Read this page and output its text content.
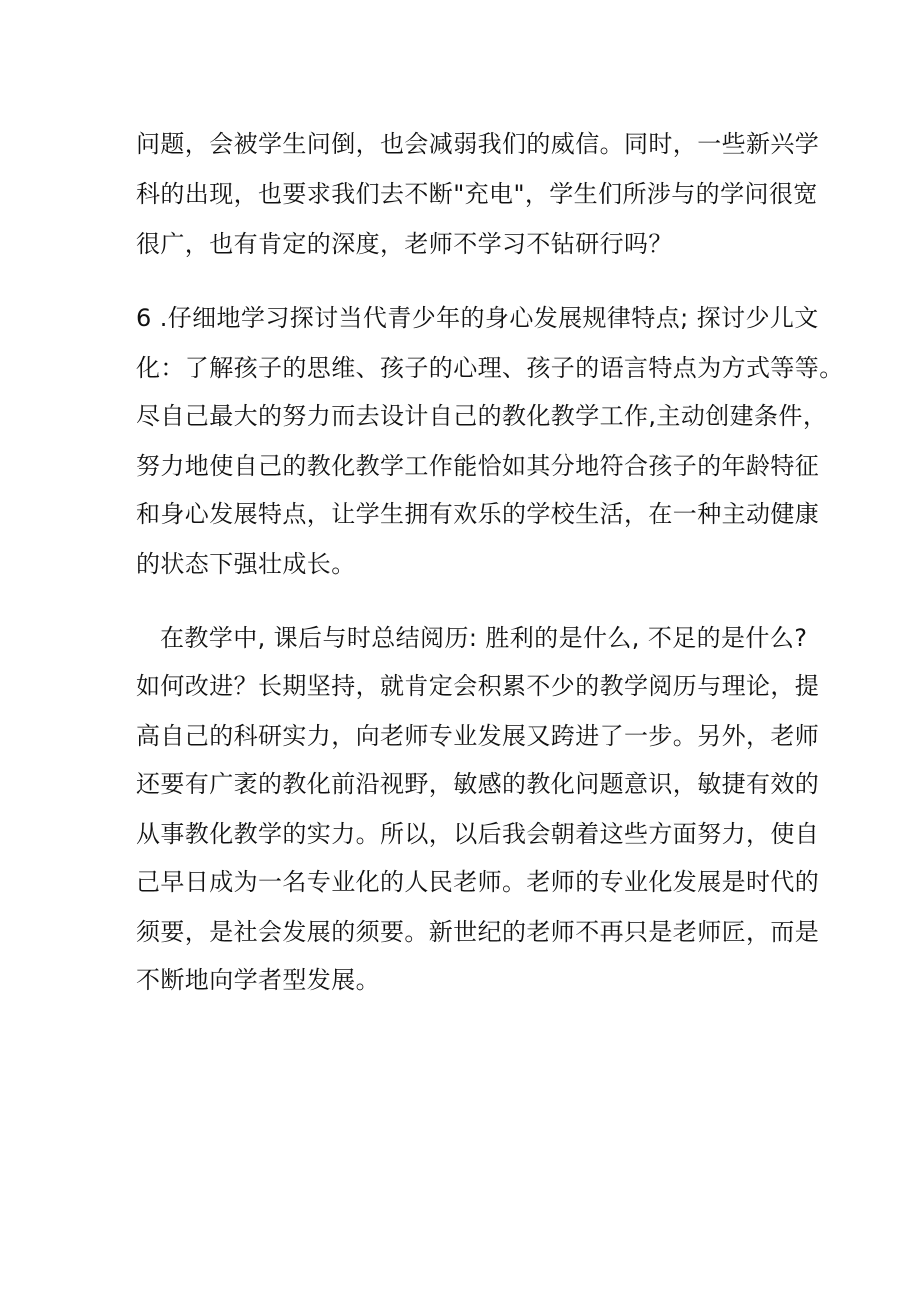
问题，会被学生问倒，也会减弱我们的威信。同时，一些新兴学
科的出现，也要求我们去不断"充电"，学生们所涉与的学问很宽
很广，也有肯定的深度，老师不学习不钻研行吗？
6 .仔细地学习探讨当代青少年的身心发展规律特点; 探讨少儿文
化：了解孩子的思维、孩子的心理、孩子的语言特点为方式等等。
尽自己最大的努力而去设计自己的教化教学工作,主动创建条件，
努力地使自己的教化教学工作能恰如其分地符合孩子的年龄特征
和身心发展特点，让学生拥有欢乐的学校生活，在一种主动健康
的状态下强壮成长。
在教学中, 课后与时总结阅历: 胜利的是什么, 不足的是什么?
如何改进？长期坚持，就肯定会积累不少的教学阅历与理论，提
高自己的科研实力，向老师专业发展又跨进了一步。另外，老师
还要有广袤的教化前沿视野，敏感的教化问题意识，敏捷有效的
从事教化教学的实力。所以，以后我会朝着这些方面努力，使自
己早日成为一名专业化的人民老师。老师的专业化发展是时代的
须要，是社会发展的须要。新世纪的老师不再只是老师匠，而是
不断地向学者型发展。
